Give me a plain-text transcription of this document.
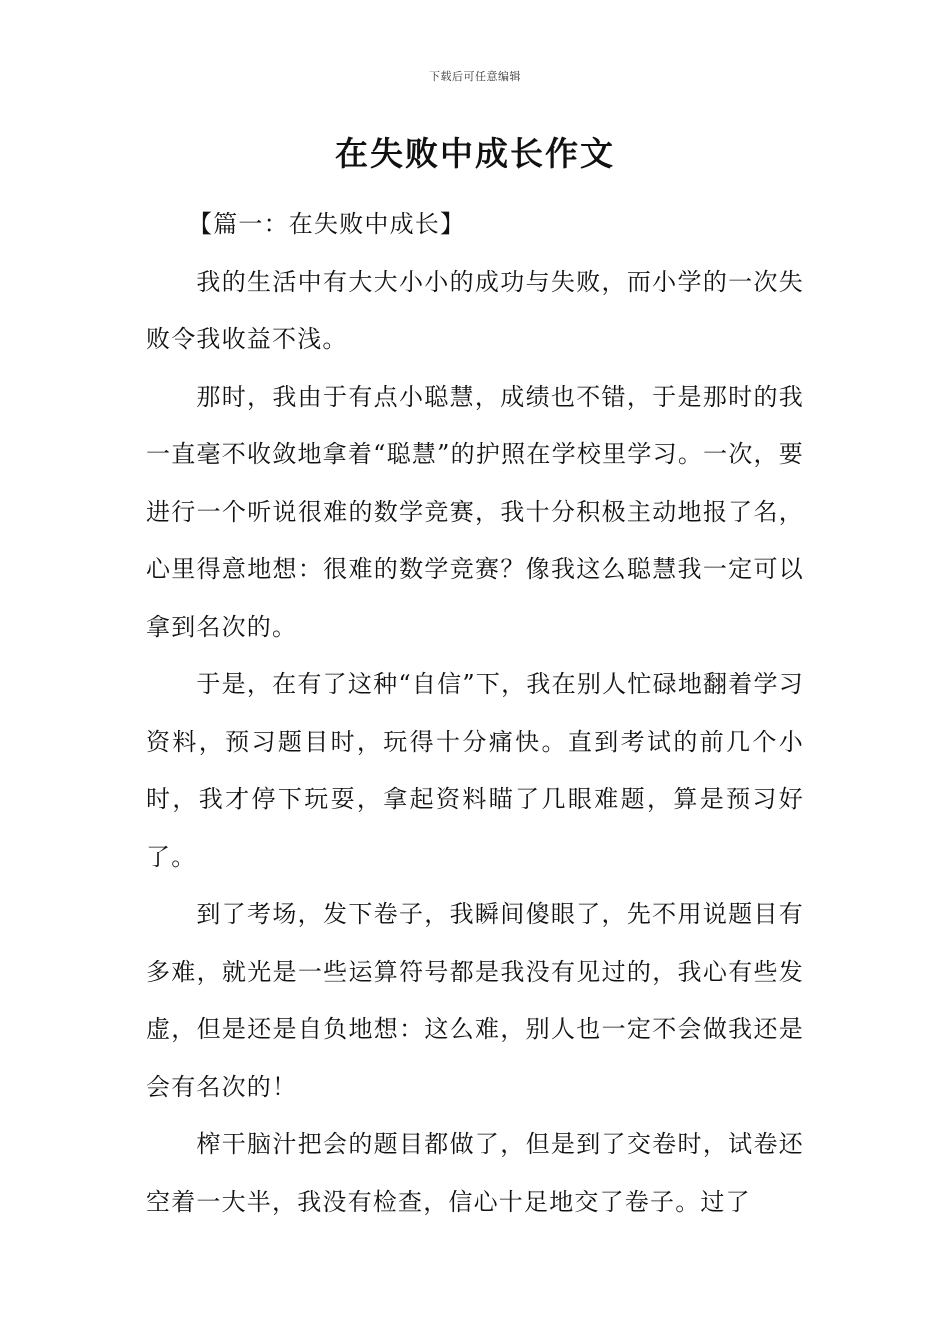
下载后可任意编辑
在失败中成长作文

【篇一：在失败中成长】

我的生活中有大大小小的成功与失败，而小学的一次失败令我收益不浅。

那时，我由于有点小聪慧，成绩也不错，于是那时的我一直毫不收敛地拿着“聪慧”的护照在学校里学习。一次，要进行一个听说很难的数学竞赛，我十分积极主动地报了名，心里得意地想：很难的数学竞赛？像我这么聪慧我一定可以拿到名次的。

于是，在有了这种“自信”下，我在别人忙碌地翻着学习资料，预习题目时，玩得十分痛快。直到考试的前几个小时，我才停下玩耍，拿起资料瞄了几眼难题，算是预习好了。

到了考场，发下卷子，我瞬间傻眼了，先不用说题目有多难，就光是一些运算符号都是我没有见过的，我心有些发虚，但是还是自负地想：这么难，别人也一定不会做我还是会有名次的！

榨干脑汁把会的题目都做了，但是到了交卷时，试卷还空着一大半，我没有检查，信心十足地交了卷子。过了
